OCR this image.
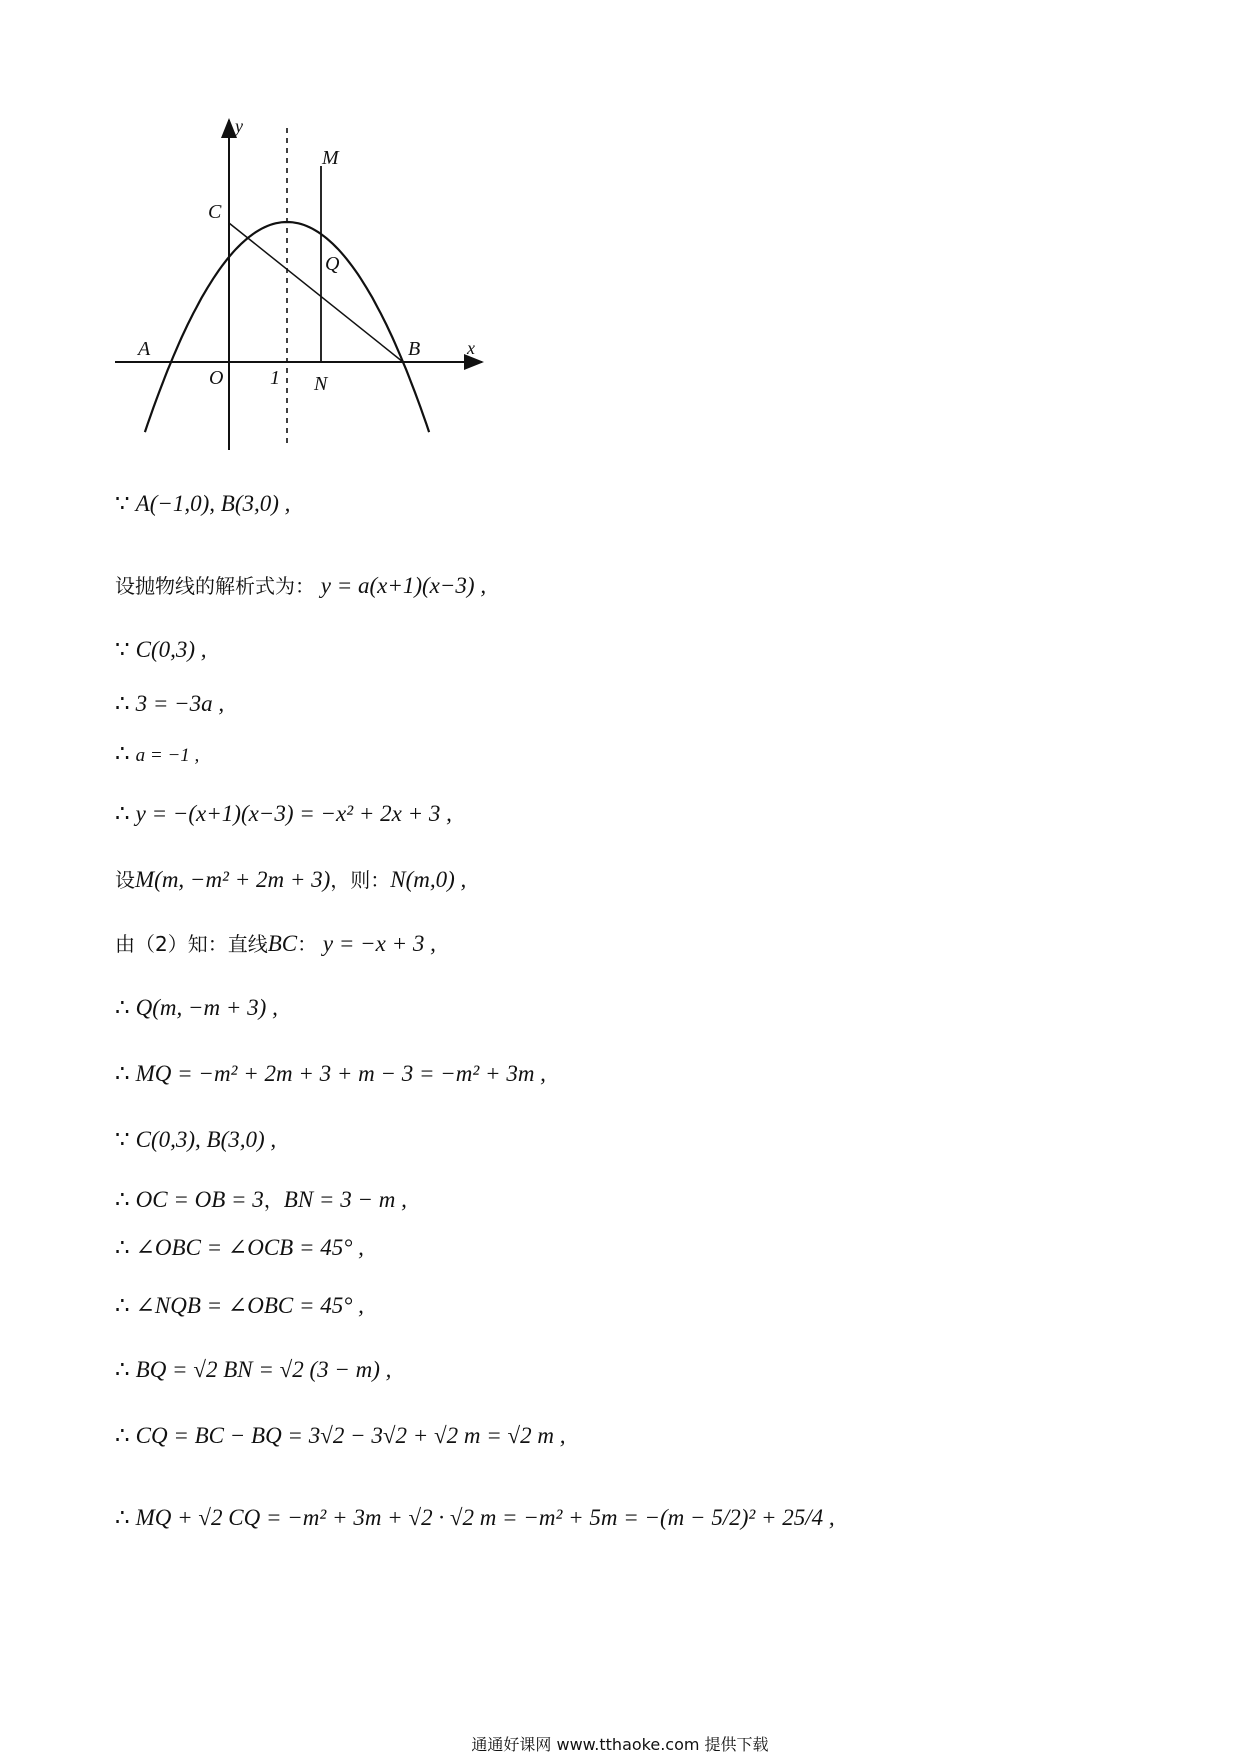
y
x
M
C
Q
A	B
O 1 N
∵ A(−1,0), B(3,0) ,
设抛物线的解析式为： y = a(x+1)(x−3) ,
∵ C(0,3) ,
∴ 3 = −3a ,
∴ a = −1 ,
∴ y = −(x+1)(x−3) = −x² + 2x + 3 ,
设M(m, −m² + 2m + 3)，则：N(m,0) ,
由（2）知：直线BC： y = −x + 3 ,
∴ Q(m, −m + 3) ,
∴ MQ = −m² + 2m + 3 + m − 3 = −m² + 3m ,
∵ C(0,3), B(3,0) ,
∴ OC = OB = 3，BN = 3 − m ,
∴ ∠OBC = ∠OCB = 45° ,
∴ ∠NQB = ∠OBC = 45° ,
∴ BQ = √2 BN = √2 (3 − m) ,
∴ CQ = BC − BQ = 3√2 − 3√2 + √2 m = √2 m ,
∴ MQ + √2 CQ = −m² + 3m + √2 · √2 m = −m² + 5m = −(m − 5/2)² + 25/4 ,
通通好课网 www.tthaoke.com 提供下载
